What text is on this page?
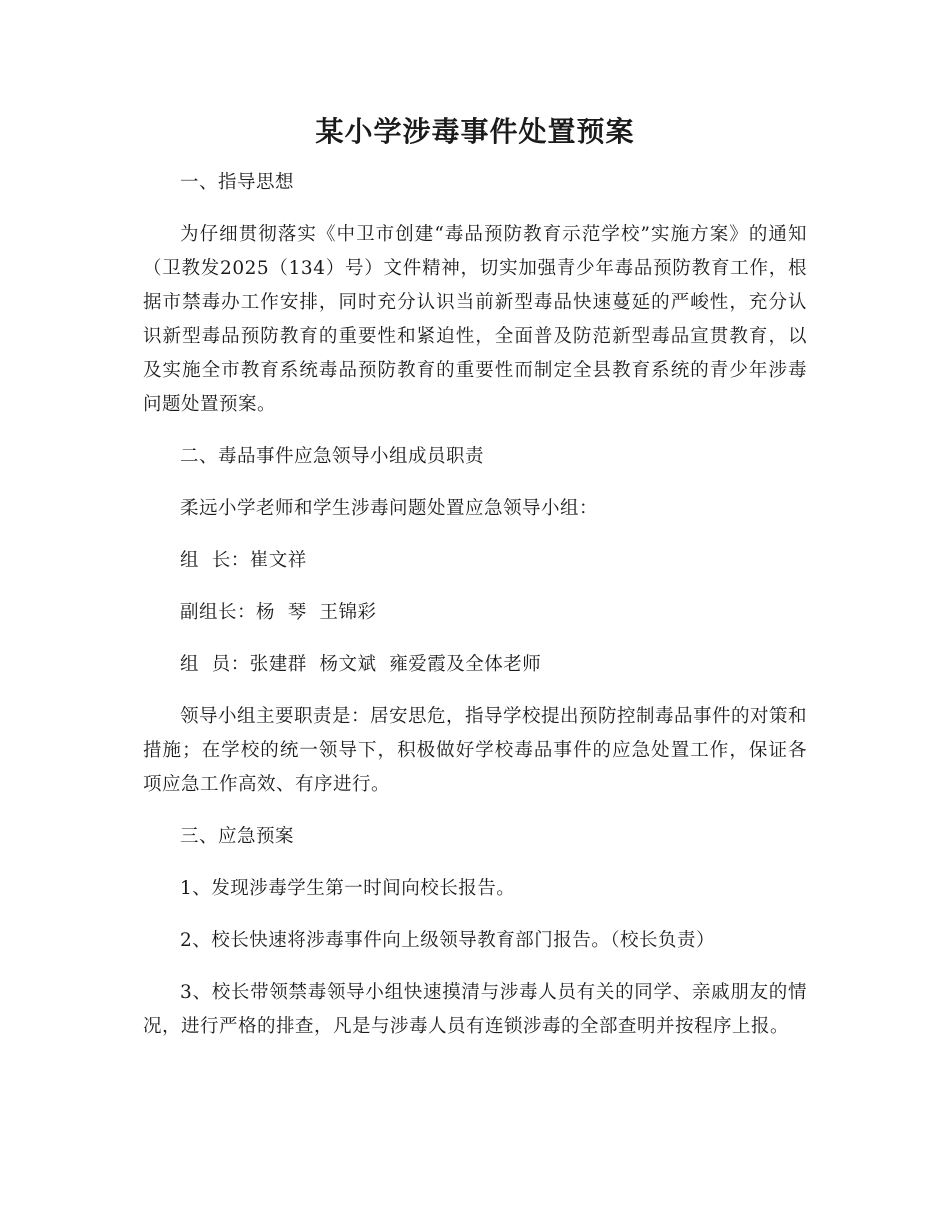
某小学涉毒事件处置预案

一、指导思想

为仔细贯彻落实《中卫市创建“毒品预防教育示范学校”实施方案》的通知（卫教发2025（134）号）文件精神，切实加强青少年毒品预防教育工作，根据市禁毒办工作安排，同时充分认识当前新型毒品快速蔓延的严峻性，充分认识新型毒品预防教育的重要性和紧迫性，全面普及防范新型毒品宣贯教育，以及实施全市教育系统毒品预防教育的重要性而制定全县教育系统的青少年涉毒问题处置预案。

二、毒品事件应急领导小组成员职责

柔远小学老师和学生涉毒问题处置应急领导小组：

组  长：崔文祥

副组长：杨  琴  王锦彩

组  员：张建群  杨文斌  雍爱霞及全体老师

领导小组主要职责是：居安思危，指导学校提出预防控制毒品事件的对策和措施；在学校的统一领导下，积极做好学校毒品事件的应急处置工作，保证各项应急工作高效、有序进行。

三、应急预案

1、发现涉毒学生第一时间向校长报告。

2、校长快速将涉毒事件向上级领导教育部门报告。（校长负责）

3、校长带领禁毒领导小组快速摸清与涉毒人员有关的同学、亲戚朋友的情况，进行严格的排查，凡是与涉毒人员有连锁涉毒的全部查明并按程序上报。
